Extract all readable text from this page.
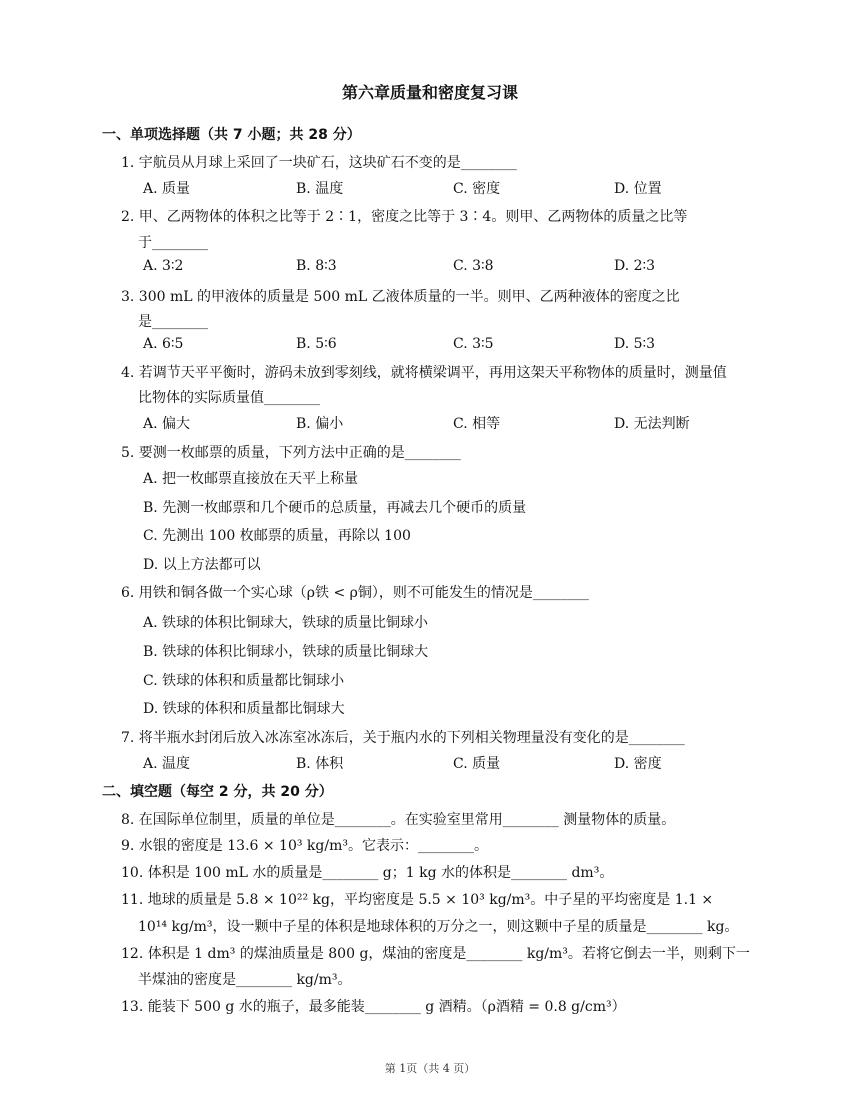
第六章质量和密度复习课
一、单项选择题（共 7 小题；共 28 分）
1. 宇航员从月球上采回了一块矿石，这块矿石不变的是________
A. 质量	B. 温度	C. 密度	D. 位置
2. 甲、乙两物体的体积之比等于 2∶1，密度之比等于 3∶4。则甲、乙两物体的质量之比等
于________
A. 3∶2	B. 8∶3	C. 3∶8	D. 2∶3
3. 300 mL 的甲液体的质量是 500 mL 乙液体质量的一半。则甲、乙两种液体的密度之比
是________
A. 6∶5	B. 5∶6	C. 3∶5	D. 5∶3
4. 若调节天平平衡时，游码未放到零刻线，就将横梁调平，再用这架天平称物体的质量时，测量值
比物体的实际质量值________
A. 偏大	B. 偏小	C. 相等	D. 无法判断
5. 要测一枚邮票的质量，下列方法中正确的是________
A. 把一枚邮票直接放在天平上称量
B. 先测一枚邮票和几个硬币的总质量，再减去几个硬币的质量
C. 先测出 100 枚邮票的质量，再除以 100
D. 以上方法都可以
6. 用铁和铜各做一个实心球（ρ铁 < ρ铜），则不可能发生的情况是________
A. 铁球的体积比铜球大，铁球的质量比铜球小
B. 铁球的体积比铜球小，铁球的质量比铜球大
C. 铁球的体积和质量都比铜球小
D. 铁球的体积和质量都比铜球大
7. 将半瓶水封闭后放入冰冻室冰冻后，关于瓶内水的下列相关物理量没有变化的是________
A. 温度	B. 体积	C. 质量	D. 密度
二、填空题（每空 2 分，共 20 分）
8. 在国际单位制里，质量的单位是________。在实验室里常用________ 测量物体的质量。
9. 水银的密度是 13.6 × 10³ kg/m³。它表示：________。
10. 体积是 100 mL 水的质量是________ g；1 kg 水的体积是________ dm³。
11. 地球的质量是 5.8 × 10²² kg，平均密度是 5.5 × 10³ kg/m³。中子星的平均密度是 1.1 ×
10¹⁴ kg/m³，设一颗中子星的体积是地球体积的万分之一，则这颗中子星的质量是________ kg。
12. 体积是 1 dm³ 的煤油质量是 800 g，煤油的密度是________ kg/m³。若将它倒去一半，则剩下一
半煤油的密度是________ kg/m³。
13. 能装下 500 g 水的瓶子，最多能装________ g 酒精。（ρ酒精 = 0.8 g/cm³）
第 1页（共 4 页）
